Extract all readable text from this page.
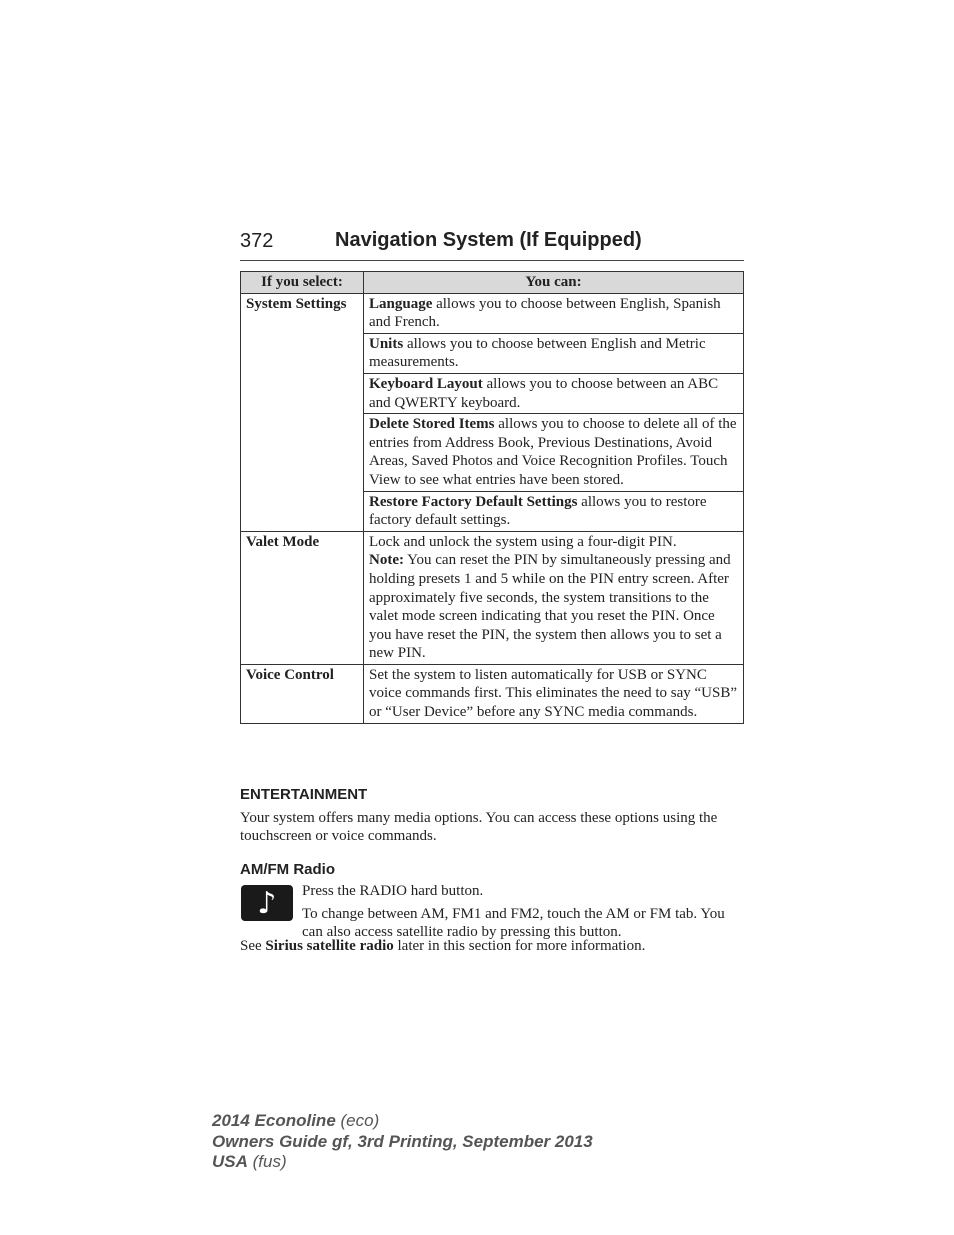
372	Navigation System (If Equipped)
If you select:	You can:
System Settings	Language allows you to choose between English, Spanish and French.
	Units allows you to choose between English and Metric measurements.
	Keyboard Layout allows you to choose between an ABC and QWERTY keyboard.
	Delete Stored Items allows you to choose to delete all of the entries from Address Book, Previous Destinations, Avoid Areas, Saved Photos and Voice Recognition Profiles. Touch View to see what entries have been stored.
	Restore Factory Default Settings allows you to restore factory default settings.
Valet Mode	Lock and unlock the system using a four-digit PIN.
Note: You can reset the PIN by simultaneously pressing and holding presets 1 and 5 while on the PIN entry screen. After approximately five seconds, the system transitions to the valet mode screen indicating that you reset the PIN. Once you have reset the PIN, the system then allows you to set a new PIN.
Voice Control	Set the system to listen automatically for USB or SYNC voice commands first. This eliminates the need to say “USB” or “User Device” before any SYNC media commands.
ENTERTAINMENT
Your system offers many media options. You can access these options using the touchscreen or voice commands.
AM/FM Radio
♪ Press the RADIO hard button.
To change between AM, FM1 and FM2, touch the AM or FM tab. You can also access satellite radio by pressing this button.
See Sirius satellite radio later in this section for more information.
2014 Econoline (eco)
Owners Guide gf, 3rd Printing, September 2013
USA (fus)
